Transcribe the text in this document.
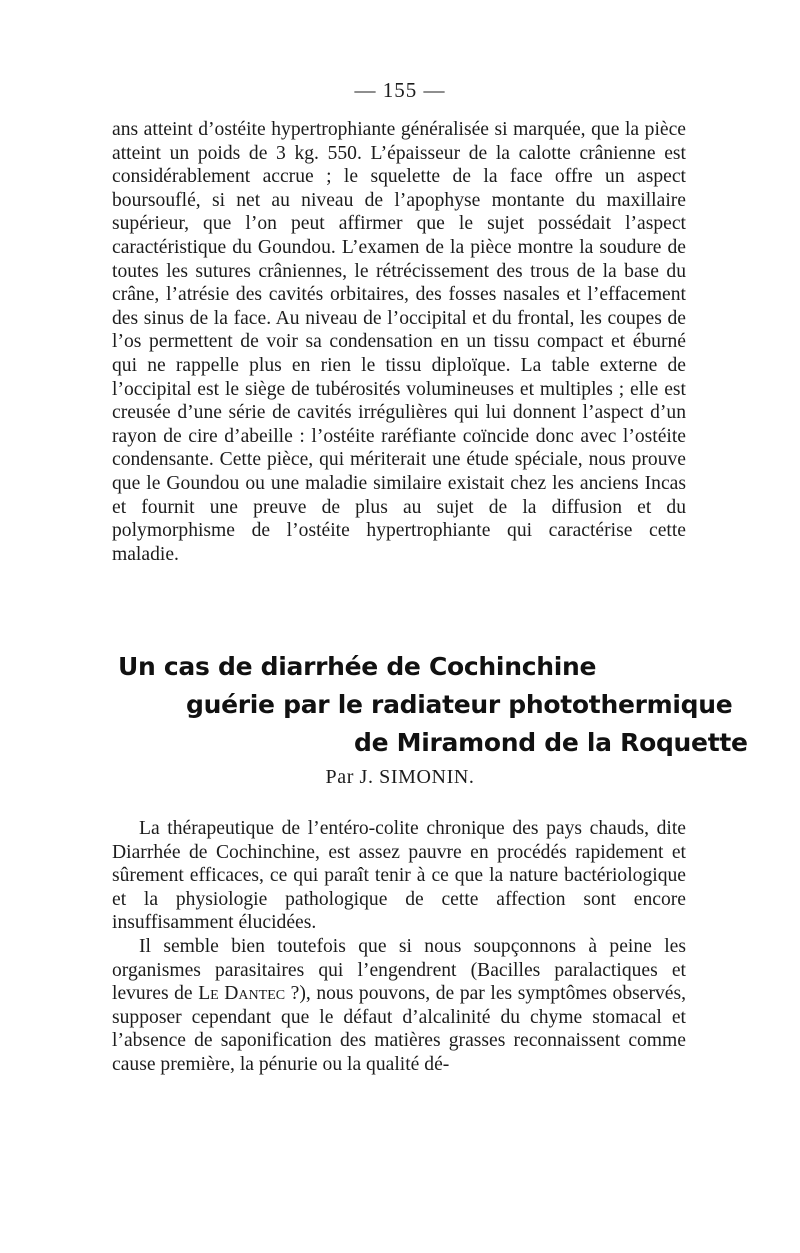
— 155 —

ans atteint d’ostéite hypertrophiante généralisée si marquée, que la pièce atteint un poids de 3 kg. 550. L’épaisseur de la calotte crânienne est considérablement accrue ; le squelette de la face offre un aspect boursouflé, si net au niveau de l’apophyse montante du maxillaire supérieur, que l’on peut affirmer que le sujet possédait l’aspect caractéristique du Goundou. L’examen de la pièce montre la soudure de toutes les sutures crâniennes, le rétrécissement des trous de la base du crâne, l’atrésie des cavités orbitaires, des fosses nasales et l’effacement des sinus de la face. Au niveau de l’occipital et du frontal, les coupes de l’os permettent de voir sa condensation en un tissu compact et éburné qui ne rappelle plus en rien le tissu diploïque. La table externe de l’occipital est le siège de tubérosités volumineuses et multiples ; elle est creusée d’une série de cavités irrégulières qui lui donnent l’aspect d’un rayon de cire d’abeille : l’ostéite raréfiante coïncide donc avec l’ostéite condensante. Cette pièce, qui mériterait une étude spéciale, nous prouve que le Goundou ou une maladie similaire existait chez les anciens Incas et fournit une preuve de plus au sujet de la diffusion et du polymorphisme de l’ostéite hypertrophiante qui caractérise cette maladie.

Un cas de diarrhée de Cochinchine
guérie par le radiateur photothermique
de Miramond de la Roquette

Par J. SIMONIN.

La thérapeutique de l’entéro-colite chronique des pays chauds, dite Diarrhée de Cochinchine, est assez pauvre en procédés rapidement et sûrement efficaces, ce qui paraît tenir à ce que la nature bactériologique et la physiologie pathologique de cette affection sont encore insuffisamment élucidées.

Il semble bien toutefois que si nous soupçonnons à peine les organismes parasitaires qui l’engendrent (Bacilles paralactiques et levures de Le Dantec ?), nous pouvons, de par les symptômes observés, supposer cependant que le défaut d’alcalinité du chyme stomacal et l’absence de saponification des matières grasses reconnaissent comme cause première, la pénurie ou la qualité dé-
